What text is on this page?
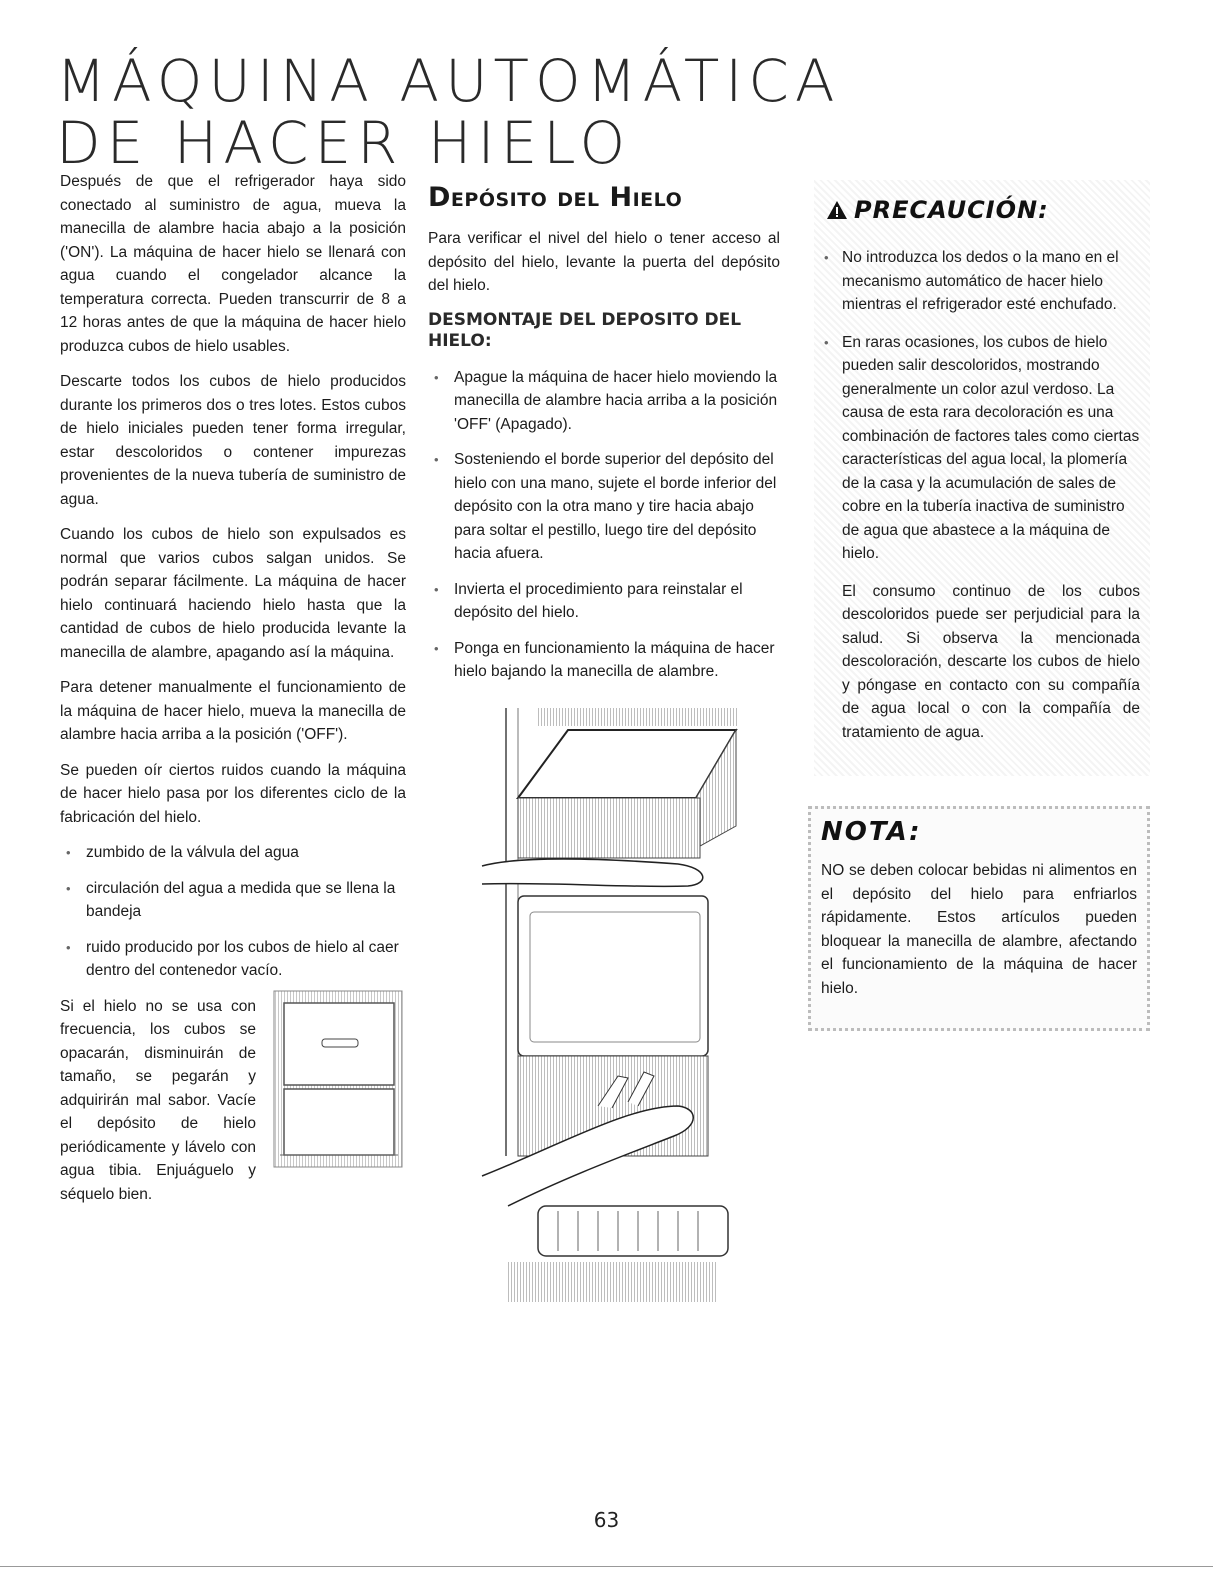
MÁQUINA AUTOMÁTICA
DE HACER HIELO

Después de que el refrigerador haya sido conectado al suministro de agua, mueva la manecilla de alambre hacia abajo a la posición ('ON'). La máquina de hacer hielo se llenará con agua cuando el congelador alcance la temperatura correcta. Pueden transcurrir de 8 a 12 horas antes de que la máquina de hacer hielo produzca cubos de hielo usables.

Descarte todos los cubos de hielo producidos durante los primeros dos o tres lotes. Estos cubos de hielo iniciales pueden tener forma irregular, estar descoloridos o contener impurezas provenientes de la nueva tubería de suministro de agua.

Cuando los cubos de hielo son expulsados es normal que varios cubos salgan unidos. Se podrán separar fácilmente. La máquina de hacer hielo continuará haciendo hielo hasta que la cantidad de cubos de hielo producida levante la manecilla de alambre, apagando así la máquina.

Para detener manualmente el funcionamiento de la máquina de hacer hielo, mueva la manecilla de alambre hacia arriba a la posición ('OFF').

Se pueden oír ciertos ruidos cuando la máquina de hacer hielo pasa por los diferentes ciclo de la fabricación del hielo.

• zumbido de la válvula del agua
• circulación del agua a medida que se llena la bandeja
• ruido producido por los cubos de hielo al caer dentro del contenedor vacío.

Si el hielo no se usa con frecuencia, los cubos se opacarán, disminuirán de tamaño, se pegarán y adquirirán mal sabor. Vacíe el depósito de hielo periódicamente y lávelo con agua tibia. Enjuáguelo y séquelo bien.

Depósito del Hielo

Para verificar el nivel del hielo o tener acceso al depósito del hielo, levante la puerta del depósito del hielo.

DESMONTAJE DEL DEPOSITO DEL HIELO:
• Apague la máquina de hacer hielo moviendo la manecilla de alambre hacia arriba a la posición 'OFF' (Apagado).
• Sosteniendo el borde superior del depósito del hielo con una mano, sujete el borde inferior del depósito con la otra mano y tire hacia abajo para soltar el pestillo, luego tire del depósito hacia afuera.
• Invierta el procedimiento para reinstalar el depósito del hielo.
• Ponga en funcionamiento la máquina de hacer hielo bajando la manecilla de alambre.
PRECAUCIÓN:
• No introduzca los dedos o la mano en el mecanismo automático de hacer hielo mientras el refrigerador esté enchufado.
• En raras ocasiones, los cubos de hielo pueden salir descoloridos, mostrando generalmente un color azul verdoso. La causa de esta rara decoloración es una combinación de factores tales como ciertas características del agua local, la plomería de la casa y la acumulación de sales de cobre en la tubería inactiva de suministro de agua que abastece a la máquina de hielo.

El consumo continuo de los cubos descoloridos puede ser perjudicial para la salud. Si observa la mencionada descoloración, descarte los cubos de hielo y póngase en contacto con su compañía de agua local o con la compañía de tratamiento de agua.

NOTA:

NO se deben colocar bebidas ni alimentos en el depósito del hielo para enfriarlos rápidamente. Estos artículos pueden bloquear la manecilla de alambre, afectando el funcionamiento de la máquina de hacer hielo.

63
